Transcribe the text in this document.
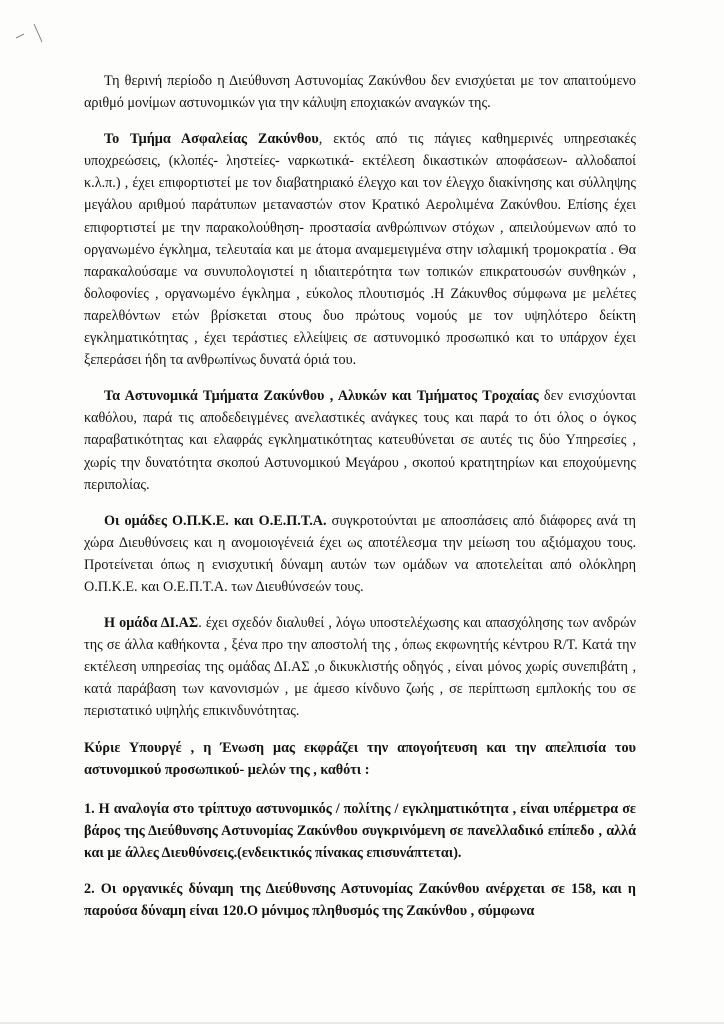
Τη θερινή περίοδο η Διεύθυνση Αστυνομίας Ζακύνθου δεν ενισχύεται με τον απαιτούμενο αριθμό μονίμων αστυνομικών για την κάλυψη εποχιακών αναγκών της.

Το Τμήμα Ασφαλείας Ζακύνθου, εκτός από τις πάγιες καθημερινές υπηρεσιακές υποχρεώσεις, (κλοπές- ληστείες- ναρκωτικά- εκτέλεση δικαστικών αποφάσεων- αλλοδαποί κ.λ.π.) , έχει επιφορτιστεί με τον διαβατηριακό έλεγχο και τον έλεγχο διακίνησης και σύλληψης μεγάλου αριθμού παράτυπων μεταναστών στον Κρατικό Αερολιμένα Ζακύνθου. Επίσης έχει επιφορτιστεί με την παρακολούθηση- προστασία ανθρώπινων στόχων , απειλούμενων από το οργανωμένο έγκλημα, τελευταία και με άτομα αναμεμειγμένα στην ισλαμική τρομοκρατία . Θα παρακαλούσαμε να συνυπολογιστεί η ιδιαιτερότητα των τοπικών επικρατουσών συνθηκών , δολοφονίες , οργανωμένο έγκλημα , εύκολος πλουτισμός .Η Ζάκυνθος σύμφωνα με μελέτες παρελθόντων ετών βρίσκεται στους δυο πρώτους νομούς με τον υψηλότερο δείκτη εγκληματικότητας , έχει τεράστιες ελλείψεις σε αστυνομικό προσωπικό και το υπάρχον έχει ξεπεράσει ήδη τα ανθρωπίνως δυνατά όριά του.

Τα Αστυνομικά Τμήματα Ζακύνθου , Αλυκών και Τμήματος Τροχαίας δεν ενισχύονται καθόλου, παρά τις αποδεδειγμένες ανελαστικές ανάγκες τους και παρά το ότι όλος ο όγκος παραβατικότητας και ελαφράς εγκληματικότητας κατευθύνεται σε αυτές τις δύο Υπηρεσίες , χωρίς την δυνατότητα σκοπού Αστυνομικού Μεγάρου , σκοπού κρατητηρίων και εποχούμενης περιπολίας.

Οι ομάδες Ο.Π.Κ.Ε. και Ο.Ε.Π.Τ.Α. συγκροτούνται με αποσπάσεις από διάφορες ανά τη χώρα Διευθύνσεις και η ανομοιογένειά έχει ως αποτέλεσμα την μείωση του αξιόμαχου τους. Προτείνεται όπως η ενισχυτική δύναμη αυτών των ομάδων να αποτελείται από ολόκληρη Ο.Π.Κ.Ε. και Ο.Ε.Π.Τ.Α. των Διευθύνσεών τους.

Η ομάδα ΔΙ.ΑΣ. έχει σχεδόν διαλυθεί , λόγω υποστελέχωσης και απασχόλησης των ανδρών της σε άλλα καθήκοντα , ξένα προ την αποστολή της , όπως εκφωνητής κέντρου R/T. Κατά την εκτέλεση υπηρεσίας της ομάδας ΔΙ.ΑΣ ,ο δικυκλιστής οδηγός , είναι μόνος χωρίς συνεπιβάτη , κατά παράβαση των κανονισμών , με άμεσο κίνδυνο ζωής , σε περίπτωση εμπλοκής του σε περιστατικό υψηλής επικινδυνότητας.

Κύριε Υπουργέ , η Ένωση μας εκφράζει την απογοήτευση και την απελπισία του αστυνομικού προσωπικού- μελών της , καθότι :

1. Η αναλογία στο τρίπτυχο αστυνομικός / πολίτης / εγκληματικότητα , είναι υπέρμετρα σε βάρος της Διεύθυνσης Αστυνομίας Ζακύνθου συγκρινόμενη σε πανελλαδικό επίπεδο , αλλά και με άλλες Διευθύνσεις.(ενδεικτικός πίνακας επισυνάπτεται).

2. Οι οργανικές δύναμη της Διεύθυνσης Αστυνομίας Ζακύνθου ανέρχεται σε 158, και η παρούσα δύναμη είναι 120.Ο μόνιμος πληθυσμός της Ζακύνθου , σύμφωνα
